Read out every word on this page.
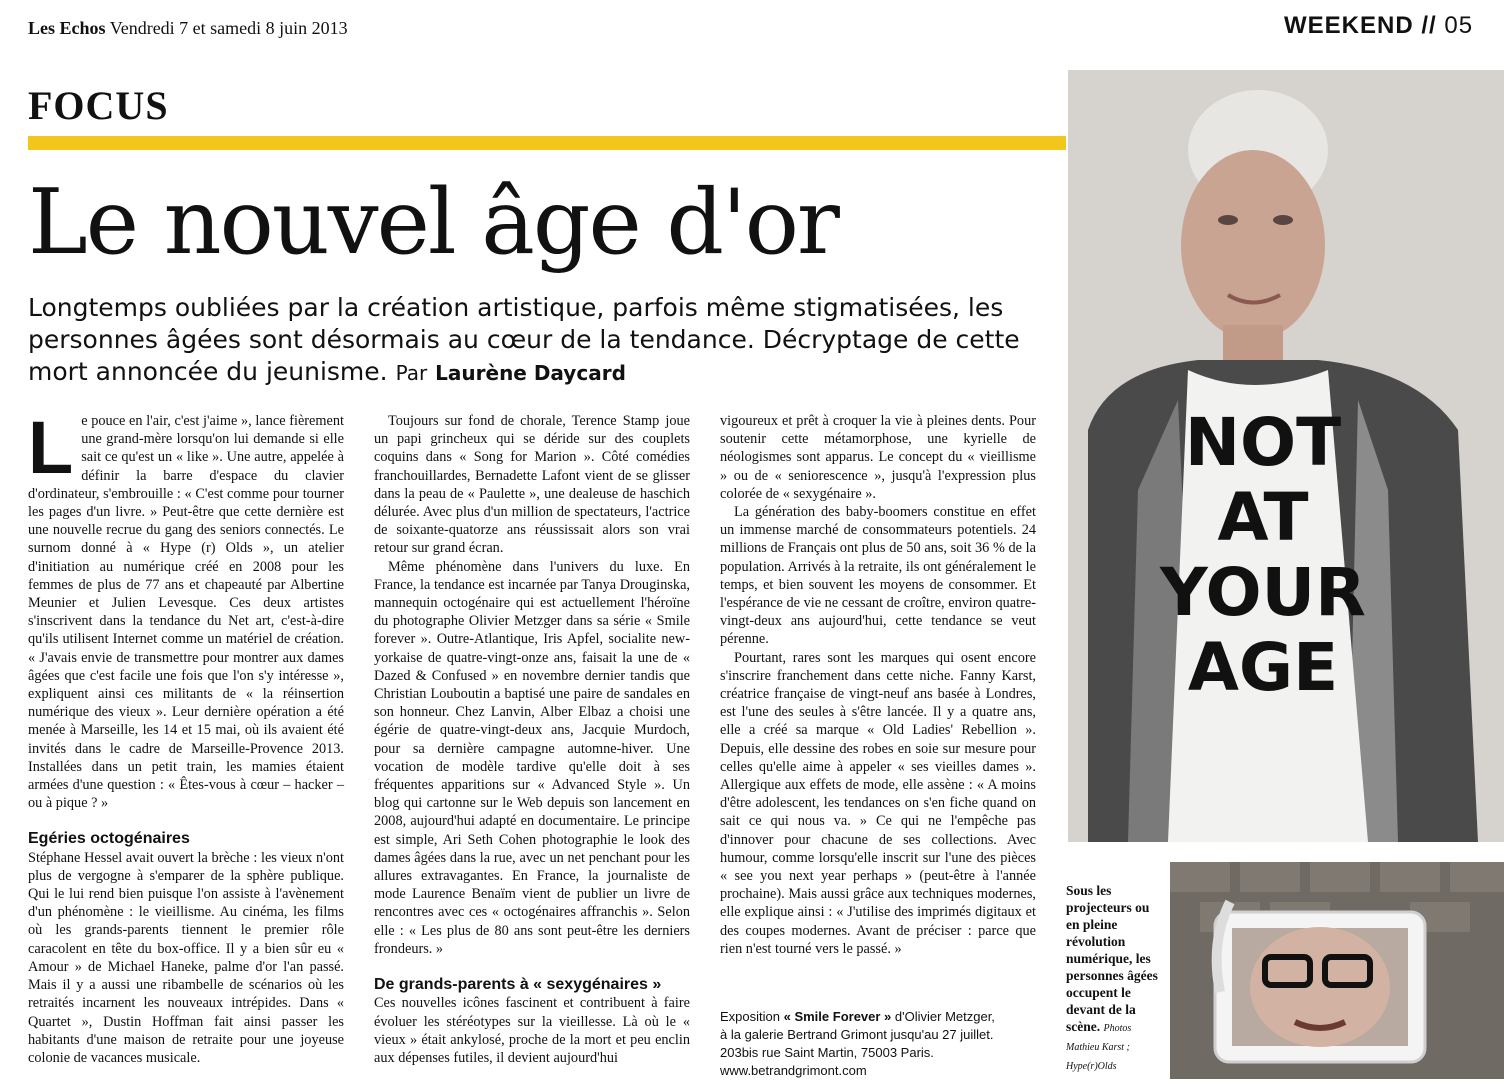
Les Echos Vendredi 7 et samedi 8 juin 2013	WEEKEND // 05
FOCUS
Le nouvel âge d'or
Longtemps oubliées par la création artistique, parfois même stigmatisées, les personnes âgées sont désormais au cœur de la tendance. Décryptage de cette mort annoncée du jeunisme. Par Laurène Daycard

Le pouce en l'air, c'est j'aime », lance fièrement une grand-mère lorsqu'on lui demande si elle sait ce qu'est un « like ». Une autre, appelée à définir la barre d'espace du clavier d'ordinateur, s'embrouille : « C'est comme pour tourner les pages d'un livre. » Peut-être que cette dernière est une nouvelle recrue du gang des seniors connectés. Le surnom donné à « Hype (r) Olds », un atelier d'initiation au numérique créé en 2008 pour les femmes de plus de 77 ans et chapeauté par Albertine Meunier et Julien Levesque. Ces deux artistes s'inscrivent dans la tendance du Net art, c'est-à-dire qu'ils utilisent Internet comme un matériel de création. « J'avais envie de transmettre pour montrer aux dames âgées que c'est facile une fois que l'on s'y intéresse », expliquent ainsi ces militants de « la réinsertion numérique des vieux ». Leur dernière opération a été menée à Marseille, les 14 et 15 mai, où ils avaient été invités dans le cadre de Marseille-Provence 2013. Installées dans un petit train, les mamies étaient armées d'une question : « Êtes-vous à cœur – hacker – ou à pique ? »

Egéries octogénaires

Stéphane Hessel avait ouvert la brèche : les vieux n'ont plus de vergogne à s'emparer de la sphère publique. Qui le lui rend bien puisque l'on assiste à l'avènement d'un phénomène : le vieillisme. Au cinéma, les films où les grands-parents tiennent le premier rôle caracolent en tête du box-office. Il y a bien sûr eu « Amour » de Michael Haneke, palme d'or l'an passé. Mais il y a aussi une ribambelle de scénarios où les retraités incarnent les nouveaux intrépides. Dans « Quartet », Dustin Hoffman fait ainsi passer les habitants d'une maison de retraite pour une joyeuse colonie de vacances musicale.

Toujours sur fond de chorale, Terence Stamp joue un papi grincheux qui se déride sur des couplets coquins dans « Song for Marion ». Côté comédies franchouillardes, Bernadette Lafont vient de se glisser dans la peau de « Paulette », une dealeuse de haschich délurée. Avec plus d'un million de spectateurs, l'actrice de soixante-quatorze ans réussissait alors son vrai retour sur grand écran.

Même phénomène dans l'univers du luxe. En France, la tendance est incarnée par Tanya Drouginska, mannequin octogénaire qui est actuellement l'héroïne du photographe Olivier Metzger dans sa série « Smile forever ». Outre-Atlantique, Iris Apfel, socialite new-yorkaise de quatre-vingt-onze ans, faisait la une de « Dazed & Confused » en novembre dernier tandis que Christian Louboutin a baptisé une paire de sandales en son honneur. Chez Lanvin, Alber Elbaz a choisi une égérie de quatre-vingt-deux ans, Jacquie Murdoch, pour sa dernière campagne automne-hiver. Une vocation de modèle tardive qu'elle doit à ses fréquentes apparitions sur « Advanced Style ». Un blog qui cartonne sur le Web depuis son lancement en 2008, aujourd'hui adapté en documentaire. Le principe est simple, Ari Seth Cohen photographie le look des dames âgées dans la rue, avec un net penchant pour les allures extravagantes. En France, la journaliste de mode Laurence Benaïm vient de publier un livre de rencontres avec ces « octogénaires affranchis ». Selon elle : « Les plus de 80 ans sont peut-être les derniers frondeurs. »

De grands-parents à « sexygénaires »

Ces nouvelles icônes fascinent et contribuent à faire évoluer les stéréotypes sur la vieillesse. Là où le « vieux » était ankylosé, proche de la mort et peu enclin aux dépenses futiles, il devient aujourd'hui

vigoureux et prêt à croquer la vie à pleines dents. Pour soutenir cette métamorphose, une kyrielle de néologismes sont apparus. Le concept du « vieillisme » ou de « seniorescence », jusqu'à l'expression plus colorée de « sexygénaire ».

La génération des baby-boomers constitue en effet un immense marché de consommateurs potentiels. 24 millions de Français ont plus de 50 ans, soit 36 % de la population. Arrivés à la retraite, ils ont généralement le temps, et bien souvent les moyens de consommer. Et l'espérance de vie ne cessant de croître, environ quatre-vingt-deux ans aujourd'hui, cette tendance se veut pérenne.

Pourtant, rares sont les marques qui osent encore s'inscrire franchement dans cette niche. Fanny Karst, créatrice française de vingt-neuf ans basée à Londres, est l'une des seules à s'être lancée. Il y a quatre ans, elle a créé sa marque « Old Ladies' Rebellion ». Depuis, elle dessine des robes en soie sur mesure pour celles qu'elle aime à appeler « ses vieilles dames ». Allergique aux effets de mode, elle assène : « A moins d'être adolescent, les tendances on s'en fiche quand on sait ce qui nous va. » Ce qui ne l'empêche pas d'innover pour chacune de ses collections. Avec humour, comme lorsqu'elle inscrit sur l'une des pièces « see you next year perhaps » (peut-être à l'année prochaine). Mais aussi grâce aux techniques modernes, elle explique ainsi : « J'utilise des imprimés digitaux et des coupes modernes. Avant de préciser : parce que rien n'est tourné vers le passé. »

Exposition « Smile Forever » d'Olivier Metzger,
à la galerie Bertrand Grimont jusqu'au 27 juillet.
203bis rue Saint Martin, 75003 Paris.
www.betrandgrimont.com
NOT
AT
YOUR
AGE
Sous les projecteurs ou en pleine révolution numérique, les personnes âgées occupent le devant de la scène. Photos Mathieu Karst ; Hype(r)Olds
